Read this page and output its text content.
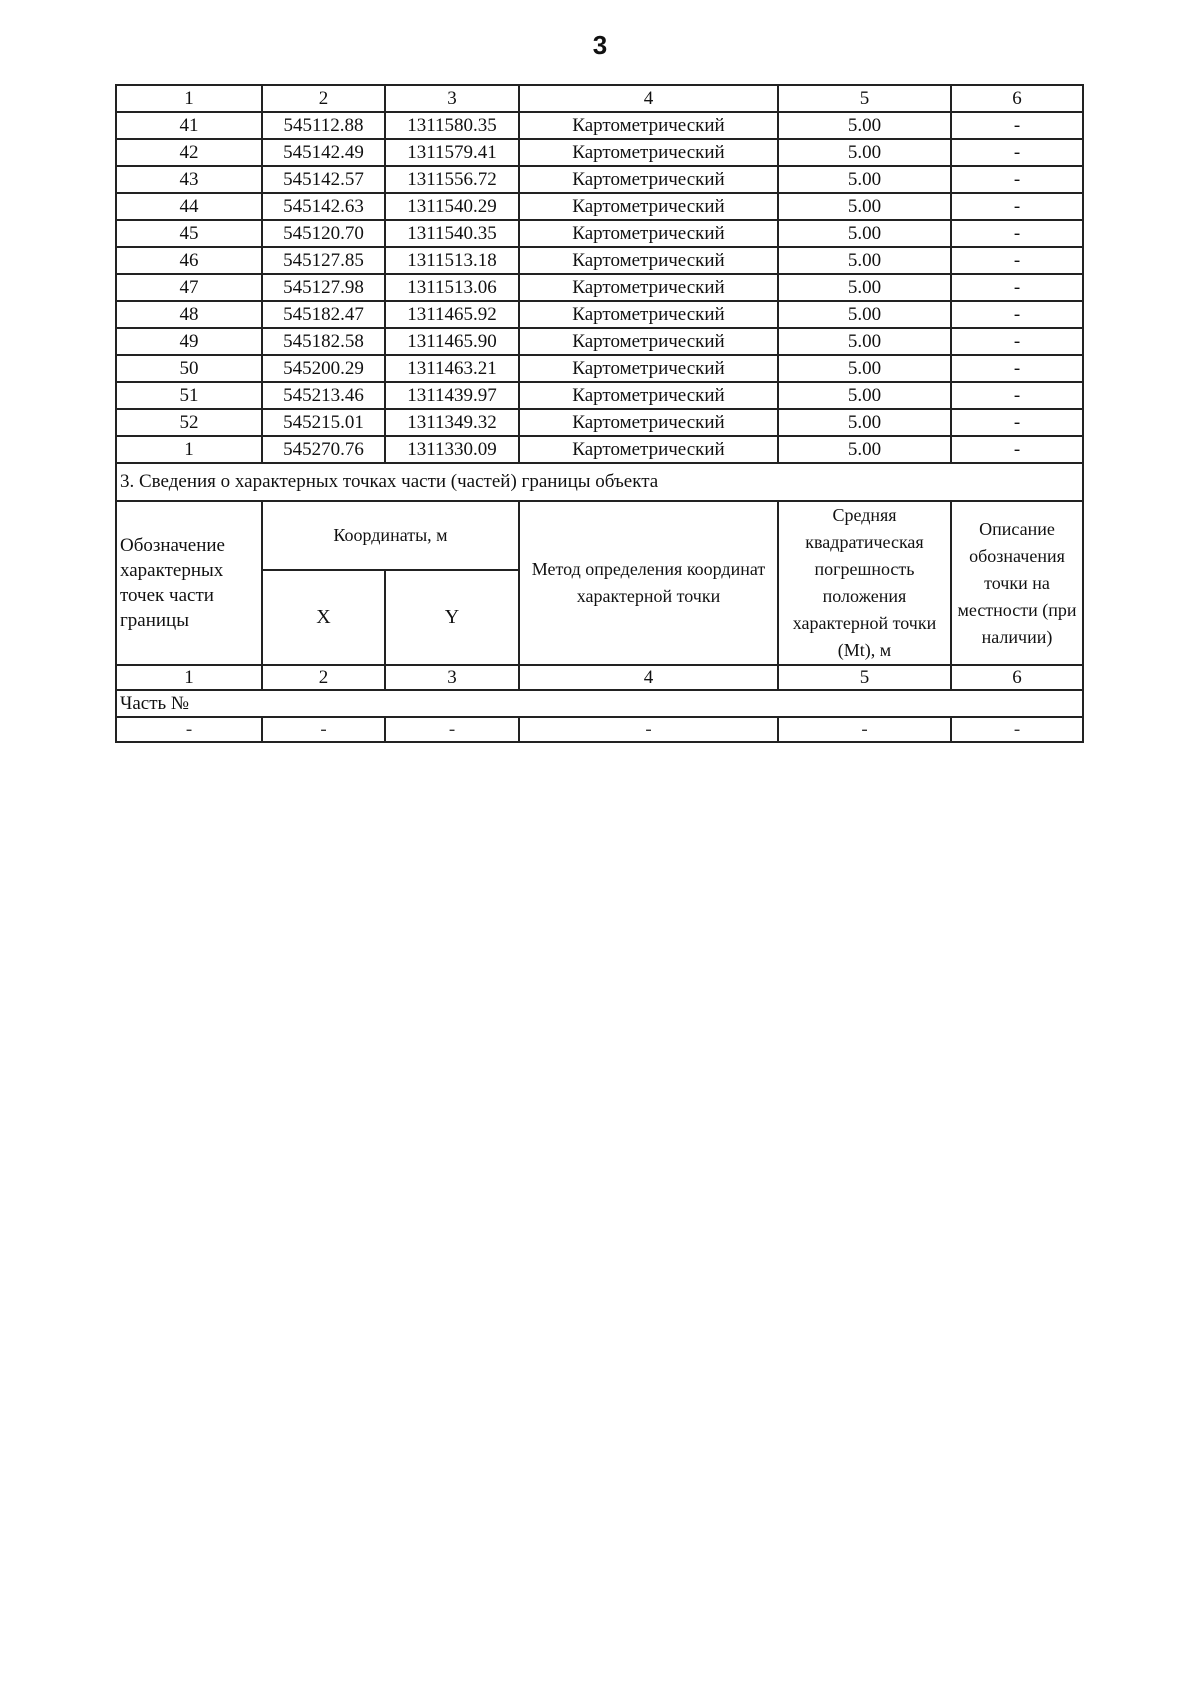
3
1	2	3	4	5	6
41	545112.88	1311580.35	Картометрический	5.00	-
42	545142.49	1311579.41	Картометрический	5.00	-
43	545142.57	1311556.72	Картометрический	5.00	-
44	545142.63	1311540.29	Картометрический	5.00	-
45	545120.70	1311540.35	Картометрический	5.00	-
46	545127.85	1311513.18	Картометрический	5.00	-
47	545127.98	1311513.06	Картометрический	5.00	-
48	545182.47	1311465.92	Картометрический	5.00	-
49	545182.58	1311465.90	Картометрический	5.00	-
50	545200.29	1311463.21	Картометрический	5.00	-
51	545213.46	1311439.97	Картометрический	5.00	-
52	545215.01	1311349.32	Картометрический	5.00	-
1	545270.76	1311330.09	Картометрический	5.00	-
3. Сведения о характерных точках части (частей) границы объекта					
Обозначение характерных точек части границы	Координаты, м		Метод определения координат характерной точки	Средняя квадратическая погрешность положения характерной точки (Mt), м	Описание обозначения точки на местности (при наличии)
	X	Y			
1	2	3	4	5	6
Часть №					
-	-	-	-	-	-
